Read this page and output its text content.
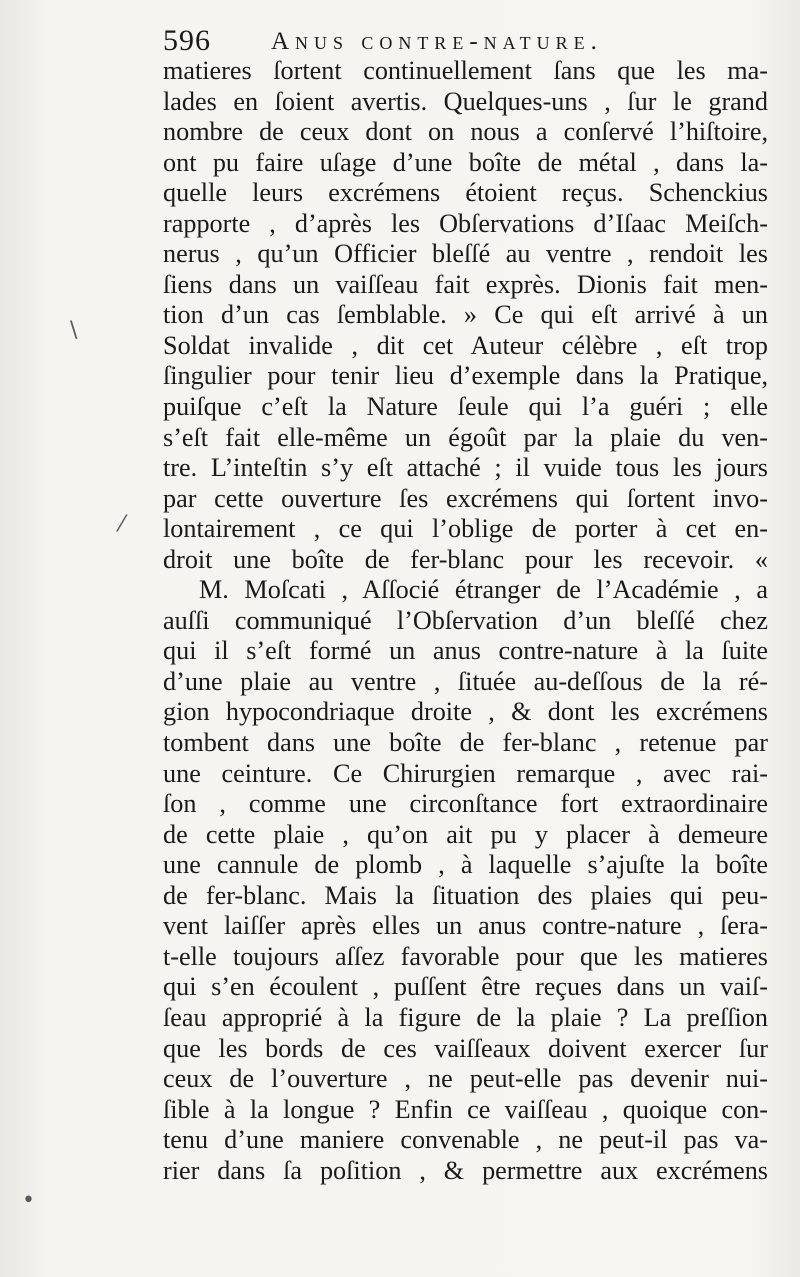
596 Anus contre-nature.
matieres ſortent continuellement ſans que les ma-
lades en ſoient avertis. Quelques-uns , ſur le grand
nombre de ceux dont on nous a conſervé l’hiſtoire,
ont pu faire uſage d’une boîte de métal , dans la-
quelle leurs excrémens étoient reçus. Schenckius
rapporte , d’après les Obſervations d’Iſaac Meiſch-
nerus , qu’un Officier bleſſé au ventre , rendoit les
ſiens dans un vaiſſeau fait exprès. Dionis fait men-
tion d’un cas ſemblable. » Ce qui eſt arrivé à un
Soldat invalide , dit cet Auteur célèbre , eſt trop
ſingulier pour tenir lieu d’exemple dans la Pratique,
puiſque c’eſt la Nature ſeule qui l’a guéri ; elle
s’eſt fait elle-même un égoût par la plaie du ven-
tre. L’inteſtin s’y eſt attaché ; il vuide tous les jours
par cette ouverture ſes excrémens qui ſortent invo-
lontairement , ce qui l’oblige de porter à cet en-
droit une boîte de fer-blanc pour les recevoir. «
M. Moſcati , Aſſocié étranger de l’Académie , a
auſſi communiqué l’Obſervation d’un bleſſé chez
qui il s’eſt formé un anus contre-nature à la ſuite
d’une plaie au ventre , ſituée au-deſſous de la ré-
gion hypocondriaque droite , & dont les excrémens
tombent dans une boîte de fer-blanc , retenue par
une ceinture. Ce Chirurgien remarque , avec rai-
ſon , comme une circonſtance fort extraordinaire
de cette plaie , qu’on ait pu y placer à demeure
une cannule de plomb , à laquelle s’ajuſte la boîte
de fer-blanc. Mais la ſituation des plaies qui peu-
vent laiſſer après elles un anus contre-nature , ſera-
t-elle toujours aſſez favorable pour que les matieres
qui s’en écoulent , puſſent être reçues dans un vaiſ-
ſeau approprié à la figure de la plaie ? La preſſion
que les bords de ces vaiſſeaux doivent exercer ſur
ceux de l’ouverture , ne peut-elle pas devenir nui-
ſible à la longue ? Enfin ce vaiſſeau , quoique con-
tenu d’une maniere convenable , ne peut-il pas va-
rier dans ſa poſition , & permettre aux excrémens
\
⁄
•
